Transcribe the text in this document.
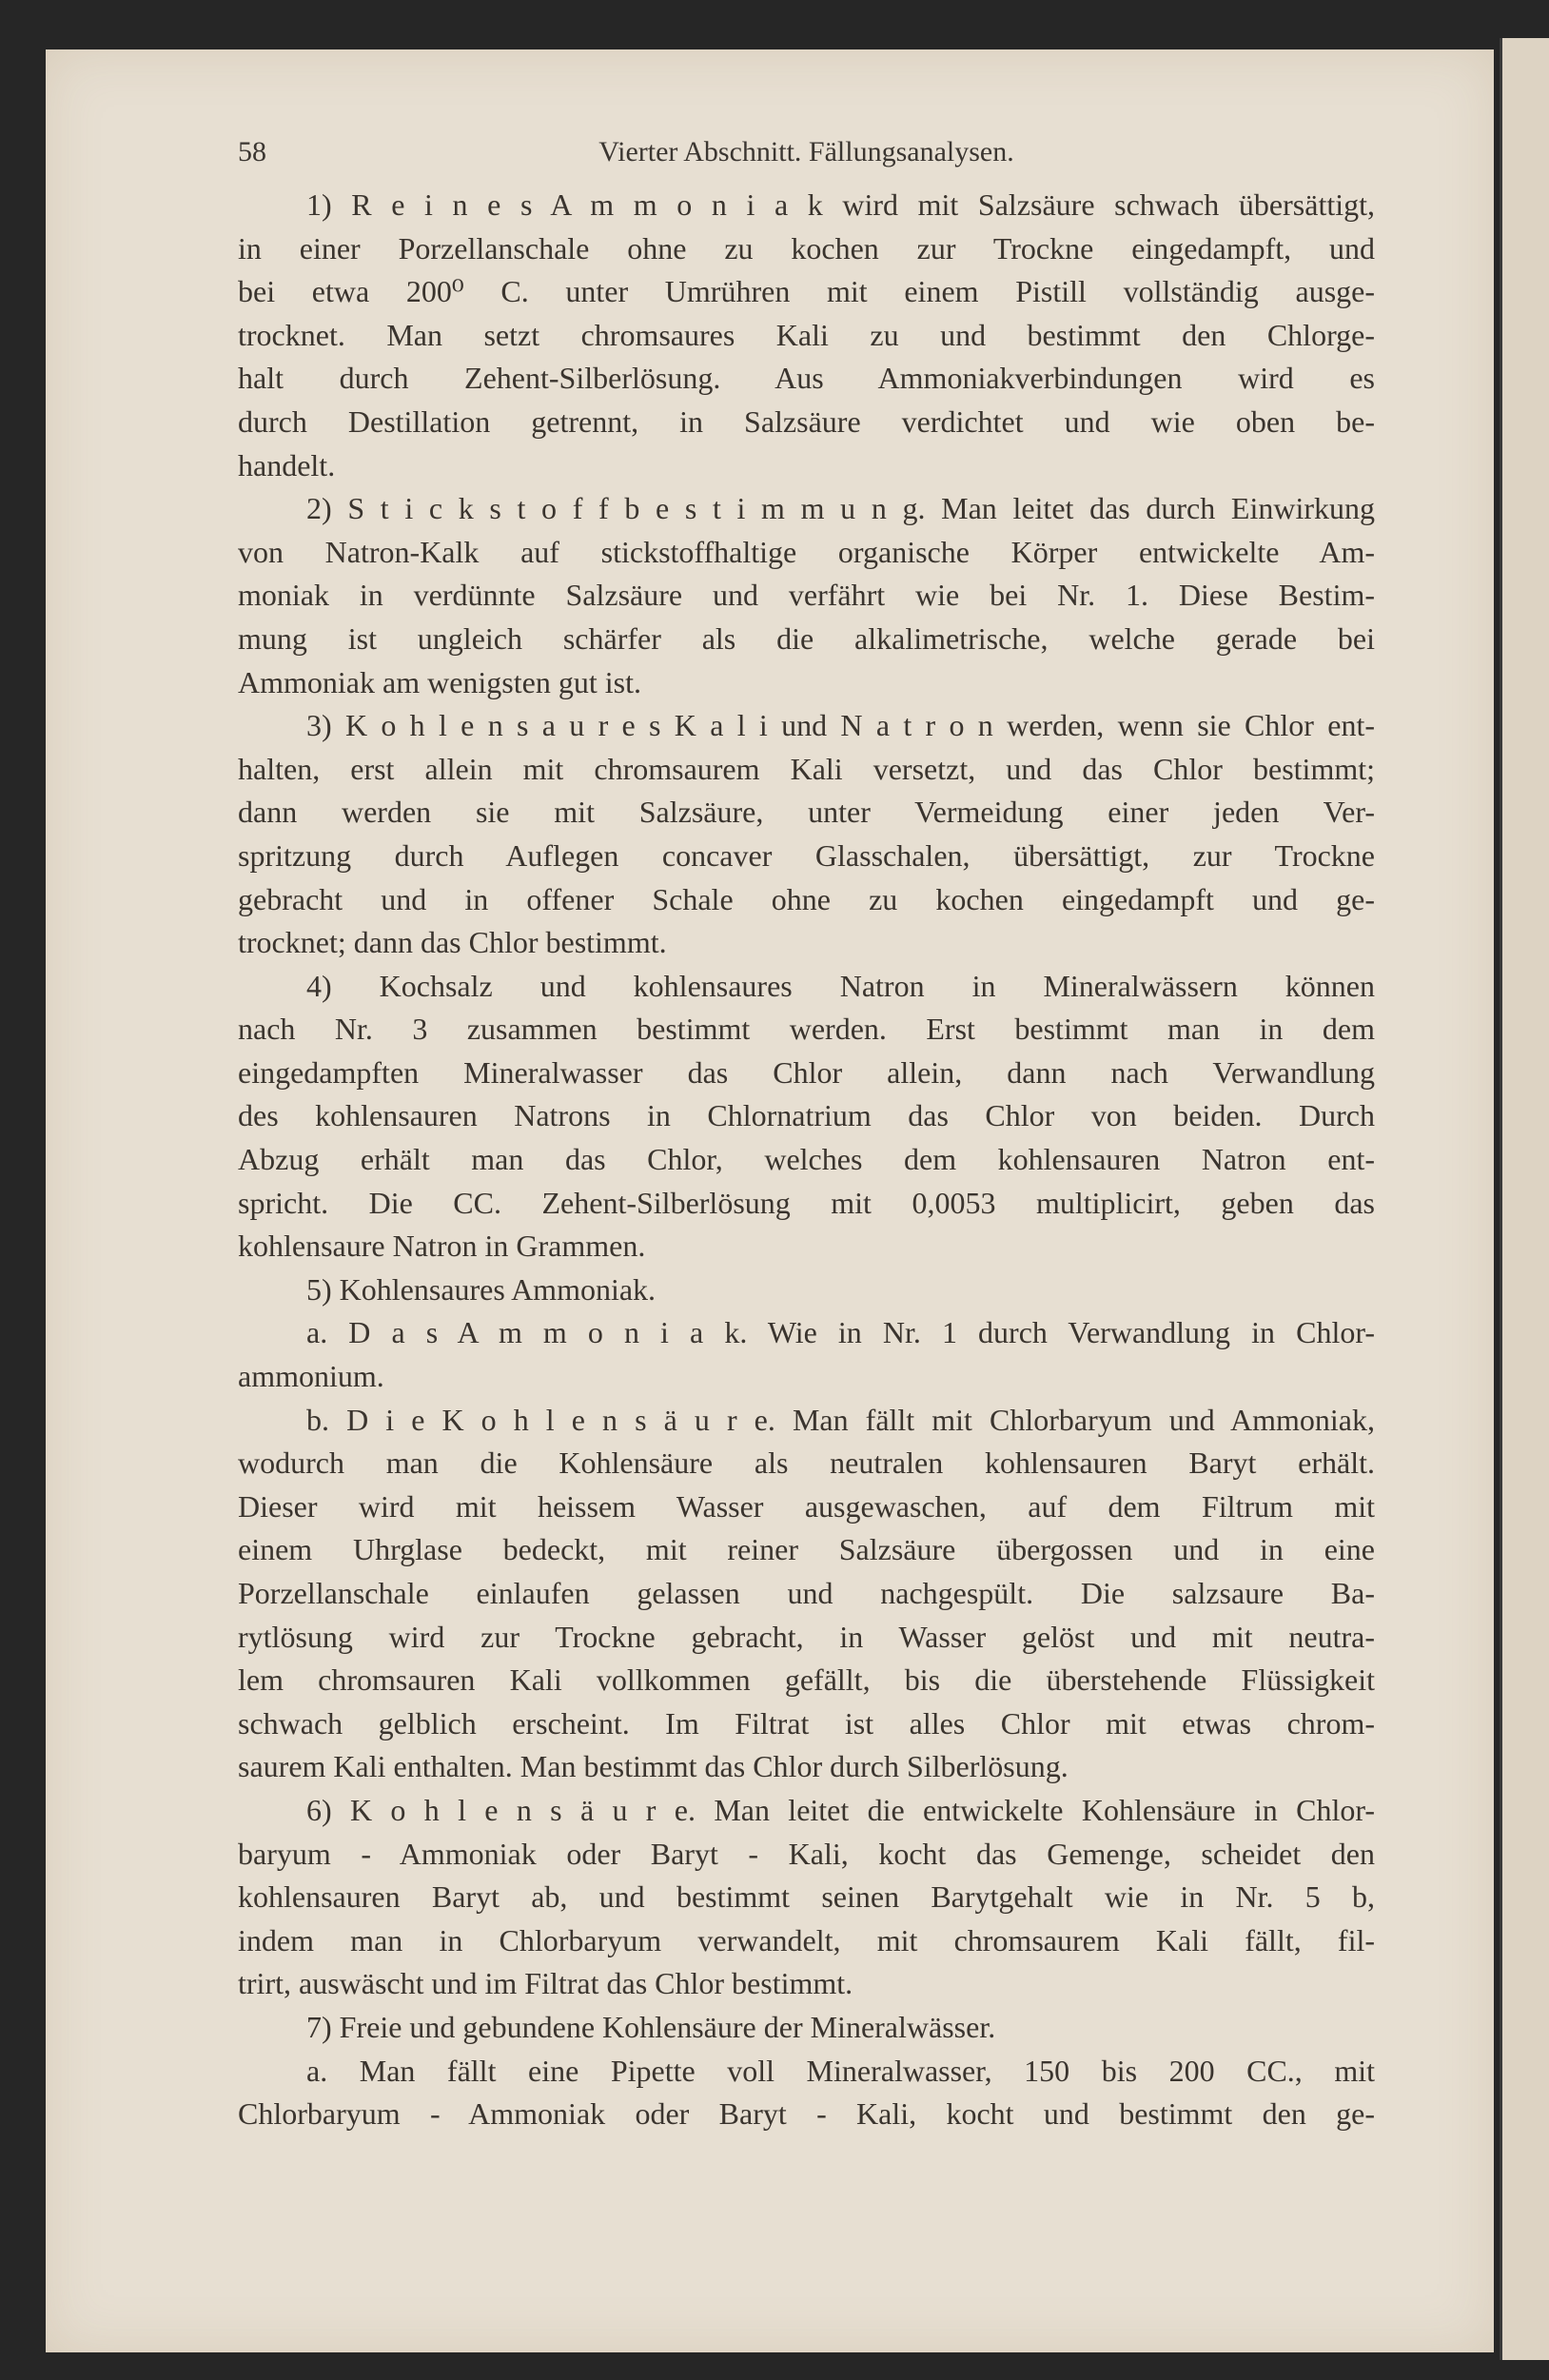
58	Vierter Abschnitt. Fällungsanalysen.
1) R e i n e s A m m o n i a k wird mit Salzsäure schwach übersättigt,
in einer Porzellanschale ohne zu kochen zur Trockne eingedampft, und
bei etwa 200⁰ C. unter Umrühren mit einem Pistill vollständig ausge-
trocknet. Man setzt chromsaures Kali zu und bestimmt den Chlorge-
halt durch Zehent-Silberlösung. Aus Ammoniakverbindungen wird es
durch Destillation getrennt, in Salzsäure verdichtet und wie oben be-
handelt.
2) S t i c k s t o f f b e s t i m m u n g. Man leitet das durch Einwirkung
von Natron-Kalk auf stickstoffhaltige organische Körper entwickelte Am-
moniak in verdünnte Salzsäure und verfährt wie bei Nr. 1. Diese Bestim-
mung ist ungleich schärfer als die alkalimetrische, welche gerade bei
Ammoniak am wenigsten gut ist.
3) K o h l e n s a u r e s K a l i und N a t r o n werden, wenn sie Chlor ent-
halten, erst allein mit chromsaurem Kali versetzt, und das Chlor bestimmt;
dann werden sie mit Salzsäure, unter Vermeidung einer jeden Ver-
spritzung durch Auflegen concaver Glasschalen, übersättigt, zur Trockne
gebracht und in offener Schale ohne zu kochen eingedampft und ge-
trocknet; dann das Chlor bestimmt.
4) Kochsalz und kohlensaures Natron in Mineralwässern können
nach Nr. 3 zusammen bestimmt werden. Erst bestimmt man in dem
eingedampften Mineralwasser das Chlor allein, dann nach Verwandlung
des kohlensauren Natrons in Chlornatrium das Chlor von beiden. Durch
Abzug erhält man das Chlor, welches dem kohlensauren Natron ent-
spricht. Die CC. Zehent-Silberlösung mit 0,0053 multiplicirt, geben das
kohlensaure Natron in Grammen.
5) Kohlensaures Ammoniak.
a. D a s A m m o n i a k. Wie in Nr. 1 durch Verwandlung in Chlor-
ammonium.
b. D i e K o h l e n s ä u r e. Man fällt mit Chlorbaryum und Ammoniak,
wodurch man die Kohlensäure als neutralen kohlensauren Baryt erhält.
Dieser wird mit heissem Wasser ausgewaschen, auf dem Filtrum mit
einem Uhrglase bedeckt, mit reiner Salzsäure übergossen und in eine
Porzellanschale einlaufen gelassen und nachgespült. Die salzsaure Ba-
rytlösung wird zur Trockne gebracht, in Wasser gelöst und mit neutra-
lem chromsauren Kali vollkommen gefällt, bis die überstehende Flüssigkeit
schwach gelblich erscheint. Im Filtrat ist alles Chlor mit etwas chrom-
saurem Kali enthalten. Man bestimmt das Chlor durch Silberlösung.
6) K o h l e n s ä u r e. Man leitet die entwickelte Kohlensäure in Chlor-
baryum - Ammoniak oder Baryt - Kali, kocht das Gemenge, scheidet den
kohlensauren Baryt ab, und bestimmt seinen Barytgehalt wie in Nr. 5 b,
indem man in Chlorbaryum verwandelt, mit chromsaurem Kali fällt, fil-
trirt, auswäscht und im Filtrat das Chlor bestimmt.
7) Freie und gebundene Kohlensäure der Mineralwässer.
a. Man fällt eine Pipette voll Mineralwasser, 150 bis 200 CC., mit
Chlorbaryum - Ammoniak oder Baryt - Kali, kocht und bestimmt den ge-
